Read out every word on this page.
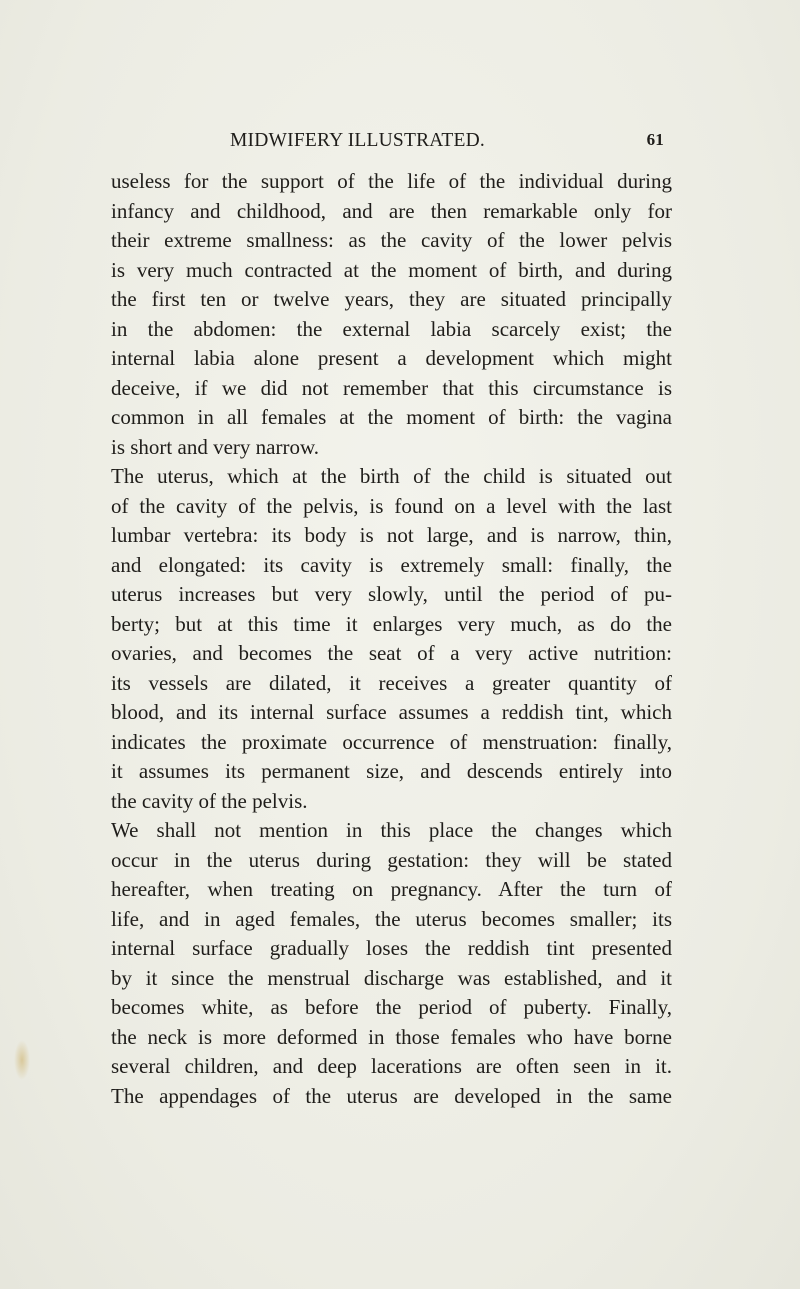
MIDWIFERY ILLUSTRATED.	61
useless for the support of the life of the individual during
infancy and childhood, and are then remarkable only for
their extreme smallness: as the cavity of the lower pelvis
is very much contracted at the moment of birth, and during
the first ten or twelve years, they are situated principally
in the abdomen: the external labia scarcely exist; the
internal labia alone present a development which might
deceive, if we did not remember that this circumstance is
common in all females at the moment of birth: the vagina
is short and very narrow.
The uterus, which at the birth of the child is situated out
of the cavity of the pelvis, is found on a level with the last
lumbar vertebra: its body is not large, and is narrow, thin,
and elongated: its cavity is extremely small: finally, the
uterus increases but very slowly, until the period of pu-
berty; but at this time it enlarges very much, as do the
ovaries, and becomes the seat of a very active nutrition:
its vessels are dilated, it receives a greater quantity of
blood, and its internal surface assumes a reddish tint, which
indicates the proximate occurrence of menstruation: finally,
it assumes its permanent size, and descends entirely into
the cavity of the pelvis.
We shall not mention in this place the changes which
occur in the uterus during gestation: they will be stated
hereafter, when treating on pregnancy. After the turn of
life, and in aged females, the uterus becomes smaller; its
internal surface gradually loses the reddish tint presented
by it since the menstrual discharge was established, and it
becomes white, as before the period of puberty. Finally,
the neck is more deformed in those females who have borne
several children, and deep lacerations are often seen in it.
The appendages of the uterus are developed in the same
